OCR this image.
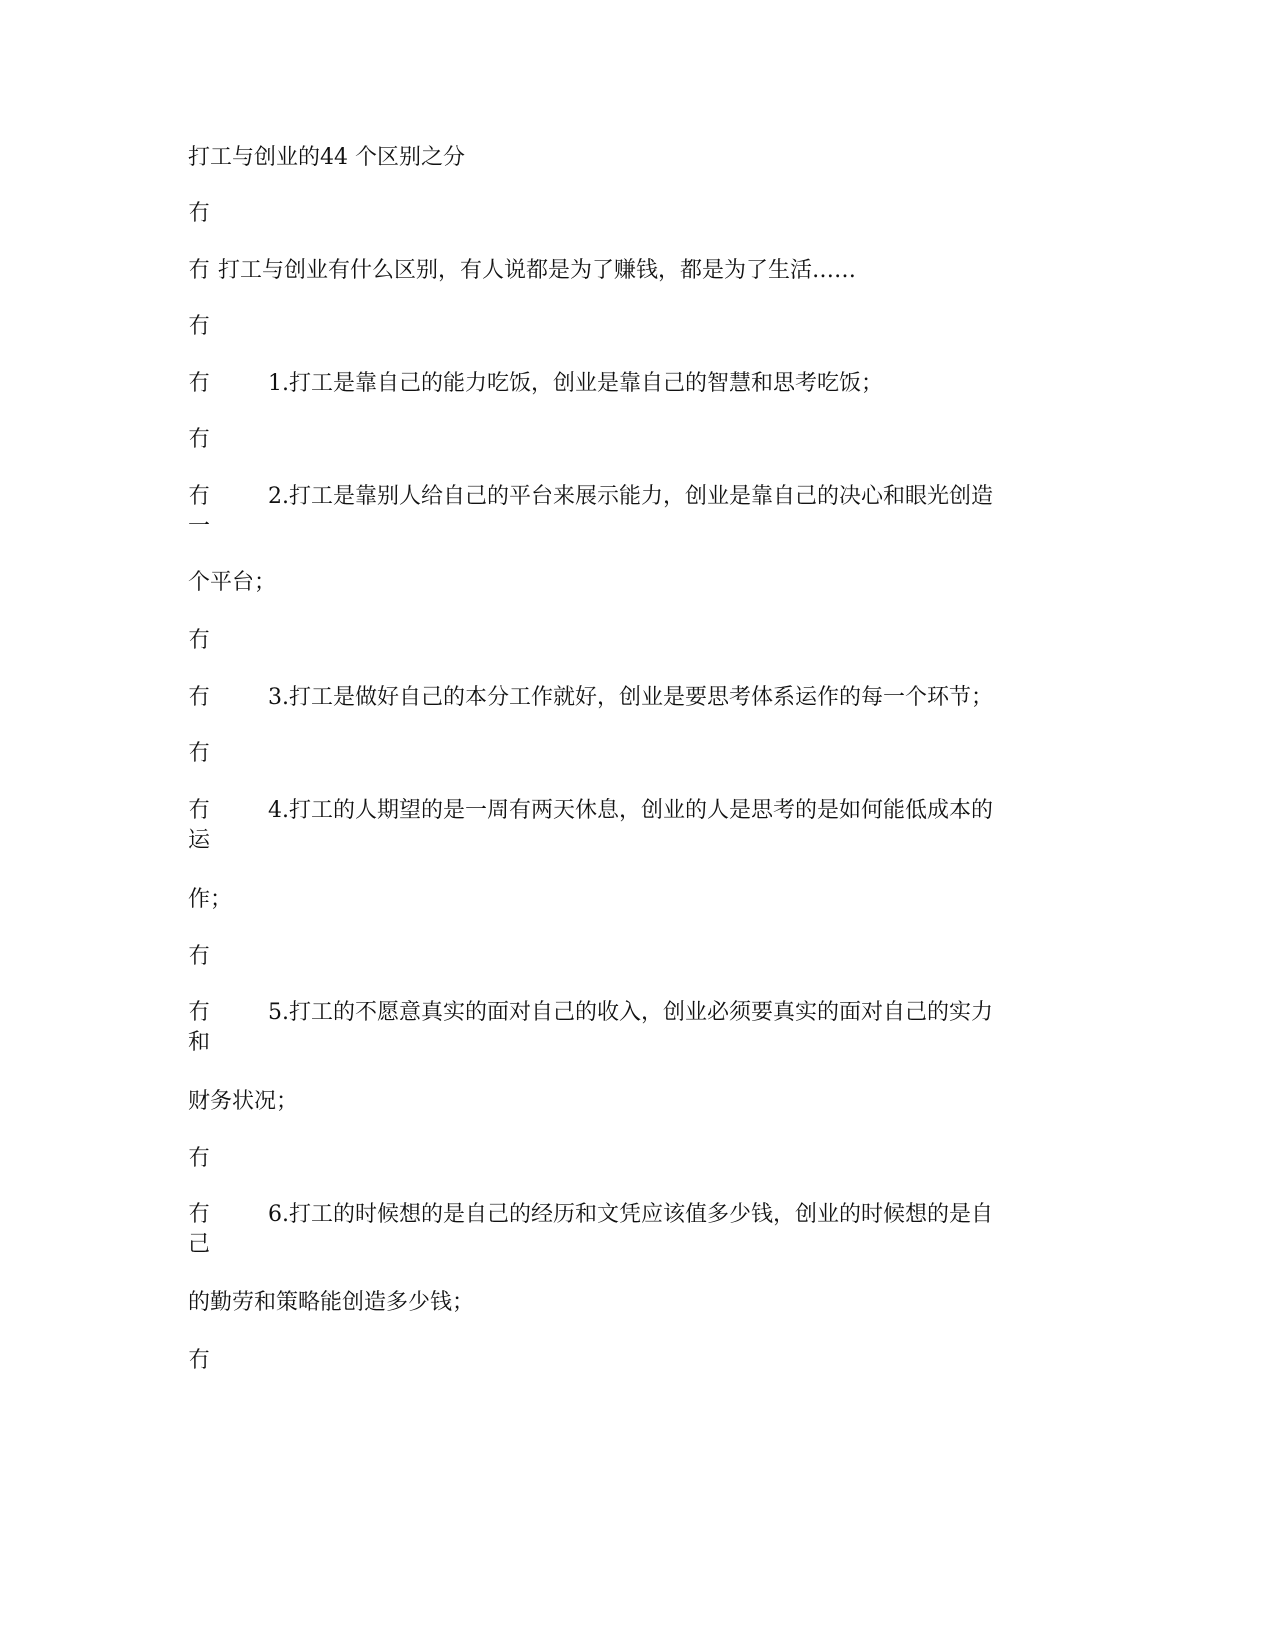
打工与创业的44 个区别之分
冇
冇 打工与创业有什么区别，有人说都是为了赚钱，都是为了生活……
冇
冇	1.打工是靠自己的能力吃饭，创业是靠自己的智慧和思考吃饭；
冇
冇
一
2.打工是靠别人给自己的平台来展示能力，创业是靠自己的决心和眼光创造
个平台；
冇
冇	3.打工是做好自己的本分工作就好，创业是要思考体系运作的每一个环节；
冇
冇
运
4.打工的人期望的是一周有两天休息，创业的人是思考的是如何能低成本的
作；
冇
冇
和
5.打工的不愿意真实的面对自己的收入，创业必须要真实的面对自己的实力
财务状况；
冇
冇
己
6.打工的时候想的是自己的经历和文凭应该值多少钱，创业的时候想的是自
的勤劳和策略能创造多少钱；
冇
